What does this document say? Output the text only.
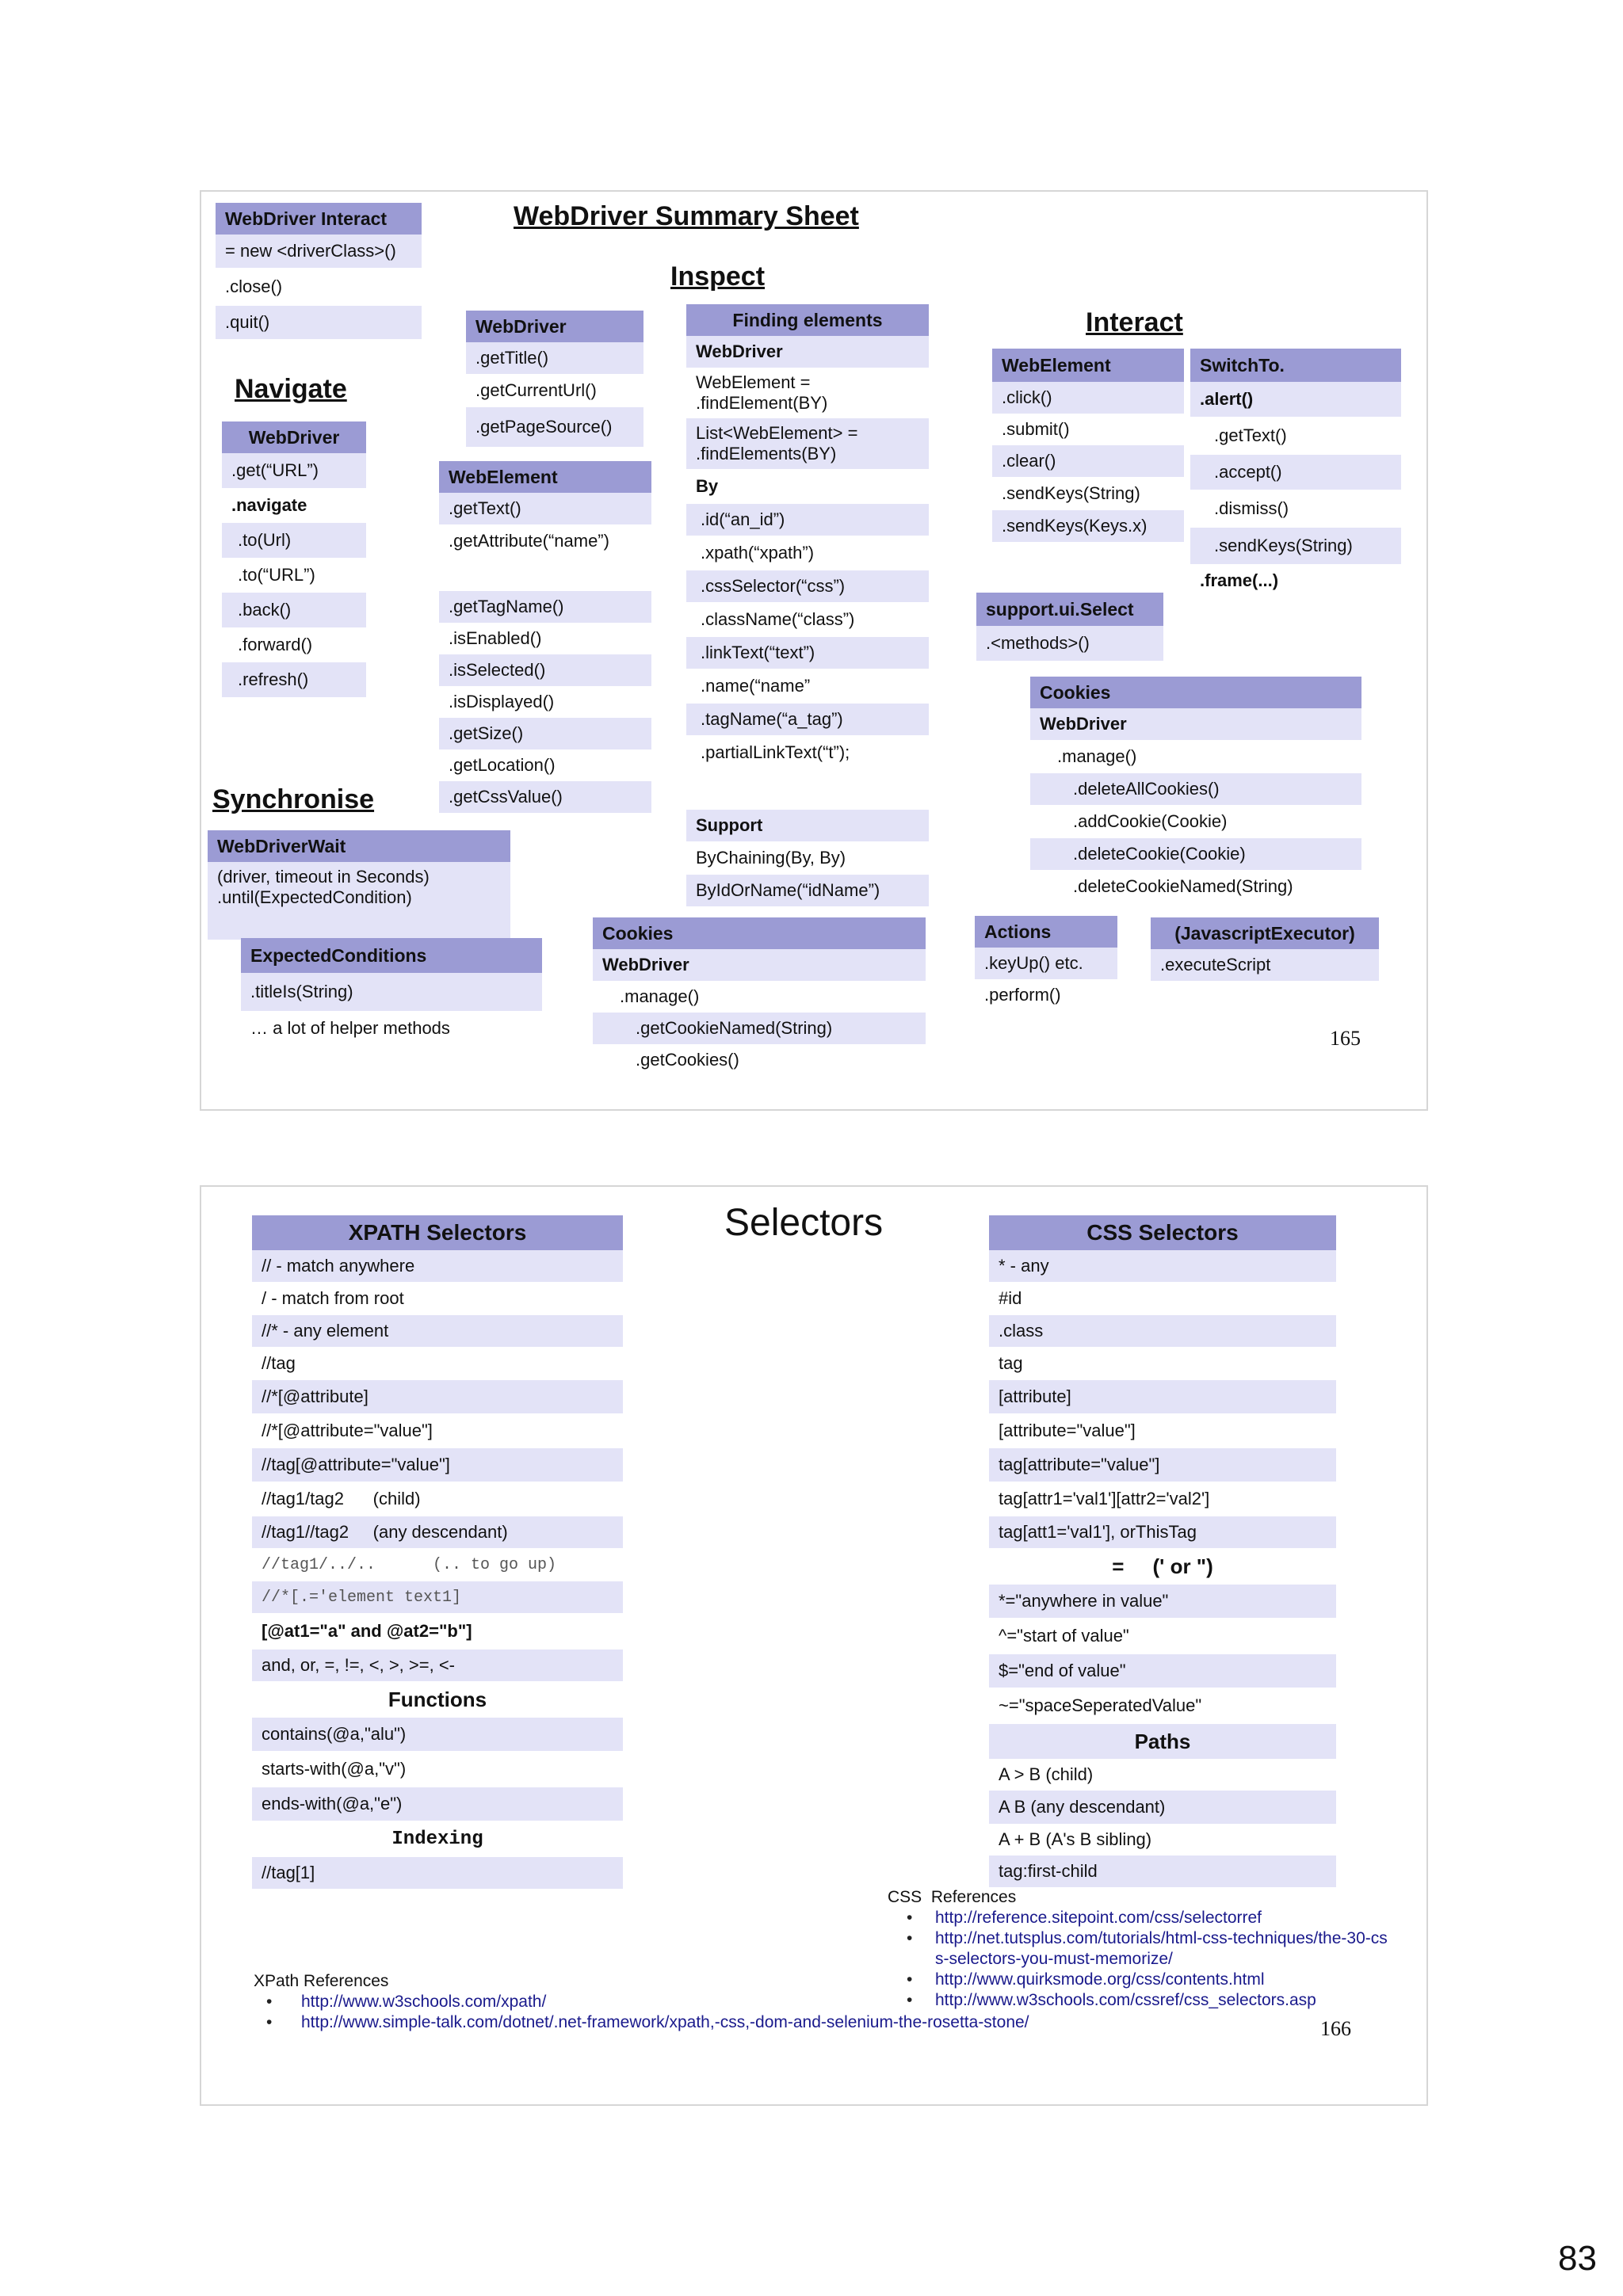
WebDriver Summary Sheet
Inspect
Navigate
Interact
Synchronise
WebDriver Interact
= new <driverClass>()
.close()
.quit()
WebDriver
.get(“URL”)
.navigate
.to(Url)
.to(“URL”)
.back()
.forward()
.refresh()
WebDriver
.getTitle()
.getCurrentUrl()
.getPageSource()
WebElement
.getText()
.getAttribute(“name”)
.getTagName()
.isEnabled()
.isSelected()
.isDisplayed()
.getSize()
.getLocation()
.getCssValue()
Finding elements
WebDriver
WebElement =
.findElement(BY)
List<WebElement> =
.findElements(BY)
By
.id(“an_id”)
.xpath(“xpath”)
.cssSelector(“css”)
.className(“class”)
.linkText(“text”)
.name(“name”
.tagName(“a_tag”)
.partialLinkText(“t”);
Support
ByChaining(By, By)
ByIdOrName(“idName”)
Cookies
WebDriver
.manage()
.getCookieNamed(String)
.getCookies()
WebElement
.click()
.submit()
.clear()
.sendKeys(String)
.sendKeys(Keys.x)
SwitchTo.
.alert()
.getText()
.accept()
.dismiss()
.sendKeys(String)
.frame(...)
support.ui.Select
.<methods>()
Cookies
WebDriver
.manage()
.deleteAllCookies()
.addCookie(Cookie)
.deleteCookie(Cookie)
.deleteCookieNamed(String)
Actions
.keyUp() etc.
.perform()
(JavascriptExecutor)
.executeScript
WebDriverWait
(driver, timeout in Seconds)
.until(ExpectedCondition)
ExpectedConditions
.titleIs(String)
… a lot of helper methods	165
Selectors
XPATH Selectors
// - match anywhere
/ - match from root
//* - any element
//tag
//*[@attribute]
//*[@attribute="value"]
//tag[@attribute="value"]
//tag1/tag2      (child)
//tag1//tag2     (any descendant)
//tag1/../..      (.. to go up)
//*[.='element text1]
[@at1="a" and @at2="b"]
and, or, =, !=, <, >, >=, <-
Functions
contains(@a,"alu")
starts-with(@a,"v")
ends-with(@a,"e")
Indexing
//tag[1]
CSS Selectors
* - any
#id
.class
tag
[attribute]
[attribute="value"]
tag[attribute="value"]
tag[attr1='val1'][attr2='val2']
tag[att1='val1'], orThisTag
=     (' or ")
*="anywhere in value"
^="start of value"
$="end of value"
~="spaceSeperatedValue"
Paths
A > B (child)
A B (any descendant)
A + B (A's B sibling)
tag:first-child
CSS  References
• http://reference.sitepoint.com/css/selectorref
• http://net.tutsplus.com/tutorials/html-css-techniques/the-30-css-selectors-you-must-memorize/
• http://www.quirksmode.org/css/contents.html
• http://www.w3schools.com/cssref/css_selectors.asp
XPath References
• http://www.w3schools.com/xpath/
• http://www.simple-talk.com/dotnet/.net-framework/xpath,-css,-dom-and-selenium-the-rosetta-stone/	166
83
